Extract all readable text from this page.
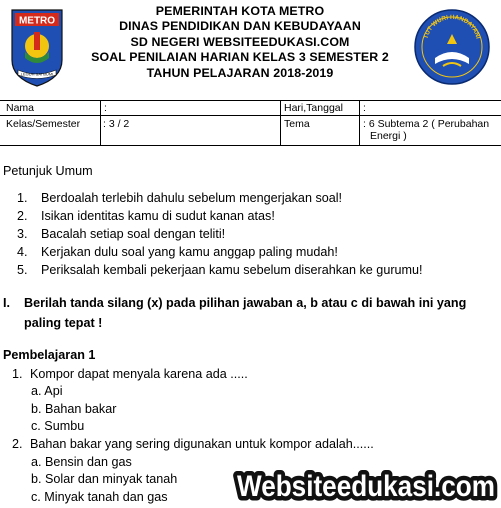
METRO
LEGUH SAI BUMI
PEMERINTAH KOTA METRO
DINAS PENDIDIKAN DAN KEBUDAYAAN
SD NEGERI WEBSITEEDUKASI.COM
SOAL PENILAIAN HARIAN KELAS 3 SEMESTER 2
TAHUN PELAJARAN 2018-2019
TUT WURI HANDAYANI
Nama	:	Hari,Tanggal :
Kelas/Semester : 3 / 2	Tema	: 6 Subtema 2 ( Perubahan
Energi )
Petunjuk Umum
1. Berdoalah terlebih dahulu sebelum mengerjakan soal!
2. Isikan identitas kamu di sudut kanan atas!
3. Bacalah setiap soal dengan teliti!
4. Kerjakan dulu soal yang kamu anggap paling mudah!
5. Periksalah kembali pekerjaan kamu sebelum diserahkan ke gurumu!
I. Berilah tanda silang (x) pada pilihan jawaban a, b atau c di bawah ini yang
paling tepat !
Pembelajaran 1
1. Kompor dapat menyala karena ada .....
a. Api
b. Bahan bakar
c. Sumbu
2. Bahan bakar yang sering digunakan untuk kompor adalah......
a. Bensin dan gas
b. Solar dan minyak tanah
c. Minyak tanah dan gas Websiteedukasi.com
Websiteedukasi.com
